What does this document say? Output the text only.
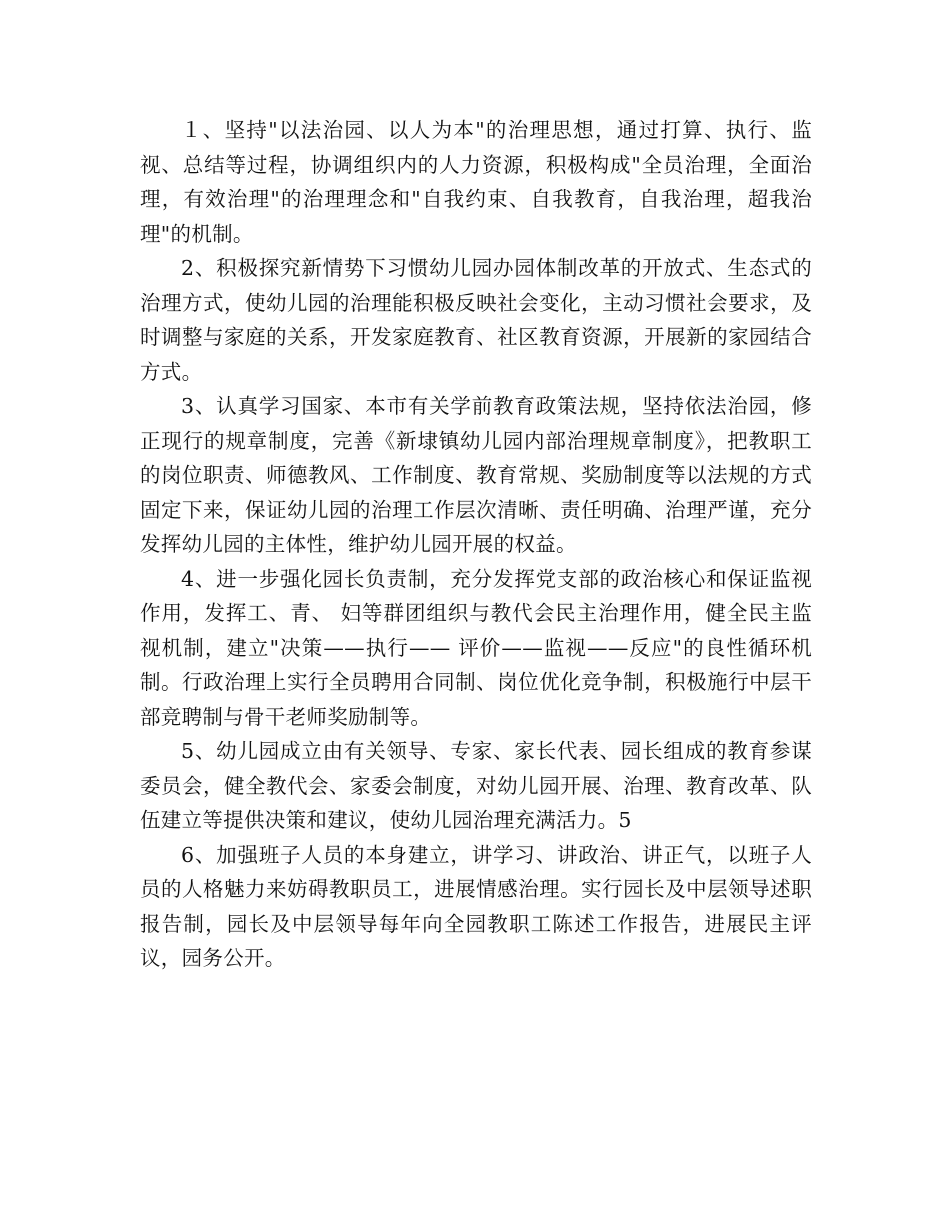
１、坚持"以法治园、以人为本"的治理思想，通过打算、执行、监视、总结等过程，协调组织内的人力资源，积极构成"全员治理，全面治理，有效治理"的治理理念和"自我约束、自我教育，自我治理，超我治理"的机制。

2、积极探究新情势下习惯幼儿园办园体制改革的开放式、生态式的治理方式，使幼儿园的治理能积极反映社会变化，主动习惯社会要求，及时调整与家庭的关系，开发家庭教育、社区教育资源，开展新的家园结合方式。

3、认真学习国家、本市有关学前教育政策法规，坚持依法治园，修正现行的规章制度，完善《新埭镇幼儿园内部治理规章制度》，把教职工的岗位职责、师德教风、工作制度、教育常规、奖励制度等以法规的方式固定下来，保证幼儿园的治理工作层次清晰、责任明确、治理严谨，充分发挥幼儿园的主体性，维护幼儿园开展的权益。

4、进一步强化园长负责制，充分发挥党支部的政治核心和保证监视作用，发挥工、青、 妇等群团组织与教代会民主治理作用，健全民主监视机制，建立"决策——执行—— 评价——监视——反应"的良性循环机制。行政治理上实行全员聘用合同制、岗位优化竞争制，积极施行中层干部竞聘制与骨干老师奖励制等。

5、幼儿园成立由有关领导、专家、家长代表、园长组成的教育参谋委员会，健全教代会、家委会制度，对幼儿园开展、治理、教育改革、队伍建立等提供决策和建议，使幼儿园治理充满活力。5

6、加强班子人员的本身建立，讲学习、讲政治、讲正气，以班子人员的人格魅力来妨碍教职员工，进展情感治理。实行园长及中层领导述职报告制，园长及中层领导每年向全园教职工陈述工作报告，进展民主评议，园务公开。
